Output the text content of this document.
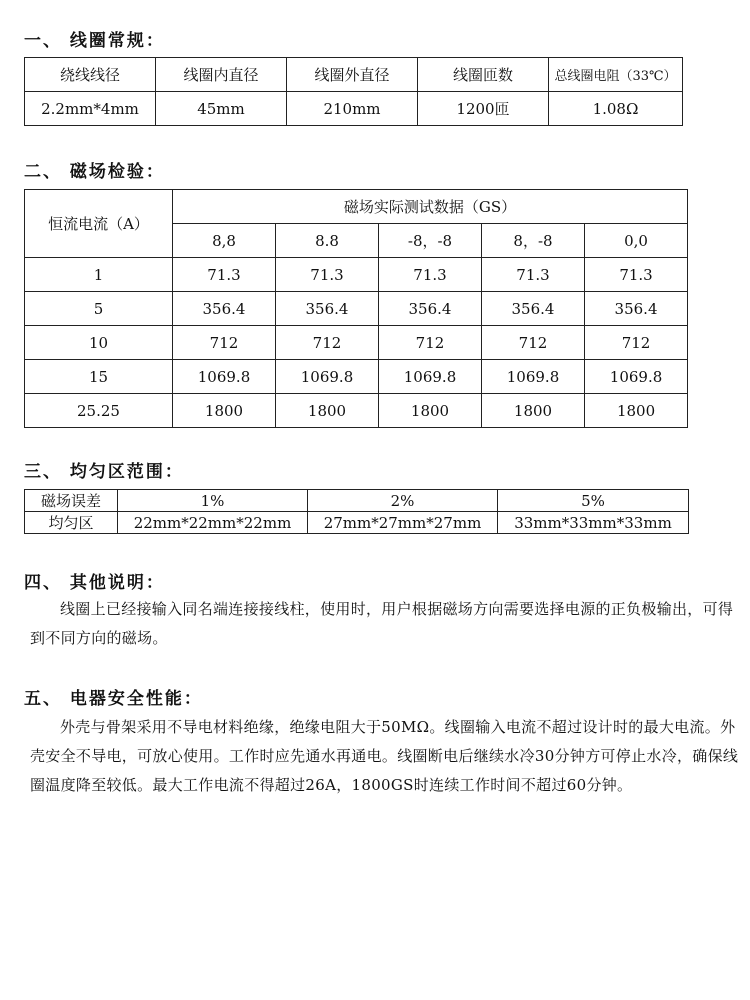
一、 线圈常规：
绕线线径	线圈内直径	线圈外直径	线圈匝数	总线圈电阻（33℃）
2.2mm*4mm	45mm	210mm	1200匝	1.08Ω
二、 磁场检验：
恒流电流（A）	磁场实际测试数据（GS）				
	8,8	8.8	-8，-8	8，-8	0,0
1	71.3	71.3	71.3	71.3	71.3
5	356.4	356.4	356.4	356.4	356.4
10	712	712	712	712	712
15	1069.8	1069.8	1069.8	1069.8	1069.8
25.25	1800	1800	1800	1800	1800
三、 均匀区范围：
磁场误差	1%	2%	5%
均匀区	22mm*22mm*22mm	27mm*27mm*27mm	33mm*33mm*33mm
四、 其他说明：
线圈上已经接输入同名端连接接线柱，使用时，用户根据磁场方向需要选择电源的正负极输出，可得到不同方向的磁场。
五、 电器安全性能：
外壳与骨架采用不导电材料绝缘，绝缘电阻大于50MΩ。线圈输入电流不超过设计时的最大电流。外壳安全不导电，可放心使用。工作时应先通水再通电。线圈断电后继续水冷30分钟方可停止水冷，确保线圈温度降至较低。最大工作电流不得超过26A，1800GS时连续工作时间不超过60分钟。
